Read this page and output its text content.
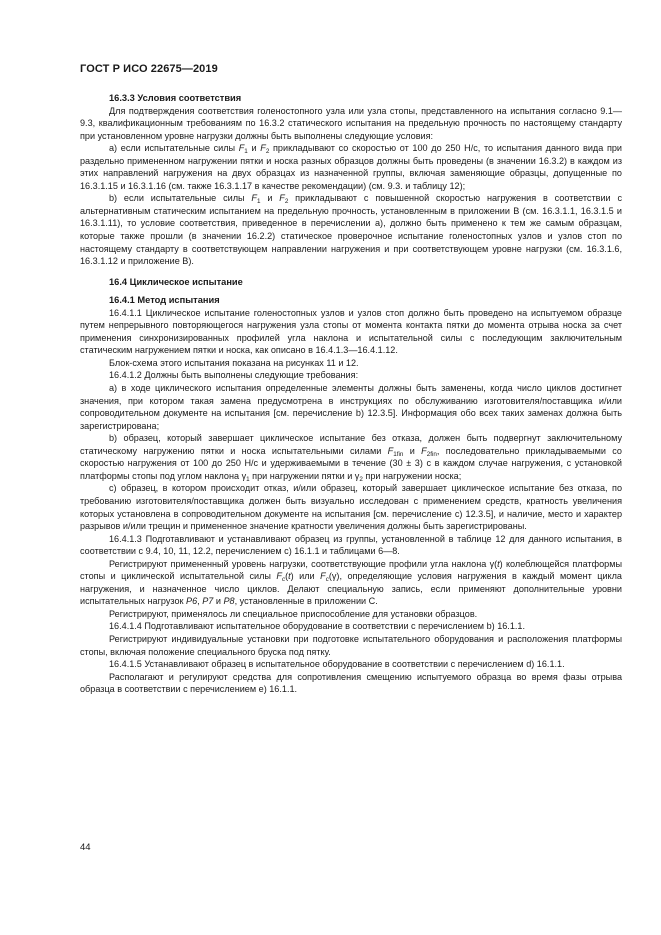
ГОСТ Р ИСО 22675—2019
16.3.3 Условия соответствия

Для подтверждения соответствия голеностопного узла или узла стопы, представленного на испытания согласно 9.1—9.3, квалификационным требованиям по 16.3.2 статического испытания на предельную прочность по настоящему стандарту при установленном уровне нагрузки должны быть выполнены следующие условия:

a) если испытательные силы $F_1$ и $F_2$ прикладывают со скоростью от 100 до 250 Н/с, то испытания данного вида при раздельно примененном нагружении пятки и носка разных образцов должны быть проведены (в значении 16.3.2) в каждом из этих направлений нагружения на двух образцах из назначенной группы, включая заменяющие образцы, допущенные по 16.3.1.15 и 16.3.1.16 (см. также 16.3.1.17 в качестве рекомендации) (см. 9.3. и таблицу 12);

b) если испытательные силы $F_1$ и $F_2$ прикладывают с повышенной скоростью нагружения в соответствии с альтернативным статическим испытанием на предельную прочность, установленным в приложении В (см. 16.3.1.1, 16.3.1.5 и 16.3.1.11), то условие соответствия, приведенное в перечислении а), должно быть применено к тем же самым образцам, которые также прошли (в значении 16.2.2) статическое проверочное испытание голеностопных узлов и узлов стоп по настоящему стандарту в соответствующем направлении нагружения и при соответствующем уровне нагрузки (см. 16.3.1.6, 16.3.1.12 и приложение В).

16.4 Циклическое испытание
16.4.1 Метод испытания

16.4.1.1 Циклическое испытание голеностопных узлов и узлов стоп должно быть проведено на испытуемом образце путем непрерывного повторяющегося нагружения узла стопы от момента контакта пятки до момента отрыва носка за счет применения синхронизированных профилей угла наклона и испытательной силы с последующим заключительным статическим нагружением пятки и носка, как описано в 16.4.1.3—16.4.1.12.

Блок-схема этого испытания показана на рисунках 11 и 12.

16.4.1.2 Должны быть выполнены следующие требования:

a) в ходе циклического испытания определенные элементы должны быть заменены, когда число циклов достигнет значения, при котором такая замена предусмотрена в инструкциях по обслуживанию изготовителя/поставщика и/или сопроводительном документе на испытания [см. перечисление b) 12.3.5]. Информация обо всех таких заменах должна быть зарегистрирована;

b) образец, который завершает циклическое испытание без отказа, должен быть подвергнут заключительному статическому нагружению пятки и носка испытательными силами $F_{1fin}$ и $F_{2fin}$, последовательно прикладываемыми со скоростью нагружения от 100 до 250 Н/с и удерживаемыми в течение (30 ± 3) с в каждом случае нагружения, с установкой платформы стопы под углом наклона $\gamma_1$ при нагружении пятки и $\gamma_2$ при нагружении носка;

c) образец, в котором происходит отказ, и/или образец, который завершает циклическое испытание без отказа, по требованию изготовителя/поставщика должен быть визуально исследован с применением средств, кратность увеличения которых установлена в сопроводительном документе на испытания [см. перечисление с) 12.3.5], и наличие, место и характер разрывов и/или трещин и примененное значение кратности увеличения должны быть зарегистрированы.

16.4.1.3 Подготавливают и устанавливают образец из группы, установленной в таблице 12 для данного испытания, в соответствии с 9.4, 10, 11, 12.2, перечислением с) 16.1.1 и таблицами 6—8.

Регистрируют примененный уровень нагрузки, соответствующие профили угла наклона γ(t) колеблющейся платформы стопы и циклической испытательной силы $F_c(t)$ или $F_c(\gamma)$, определяющие условия нагружения в каждый момент цикла нагружения, и назначенное число циклов. Делают специальную запись, если применяют дополнительные уровни испытательных нагрузок P6, P7 и P8, установленные в приложении С.

Регистрируют, применялось ли специальное приспособление для установки образцов.

16.4.1.4 Подготавливают испытательное оборудование в соответствии с перечислением b) 16.1.1.

Регистрируют индивидуальные установки при подготовке испытательного оборудования и расположения платформы стопы, включая положение специального бруска под пятку.

16.4.1.5 Устанавливают образец в испытательное оборудование в соответствии с перечислением d) 16.1.1.

Располагают и регулируют средства для сопротивления смещению испытуемого образца во время фазы отрыва образца в соответствии с перечислением е) 16.1.1.

44
